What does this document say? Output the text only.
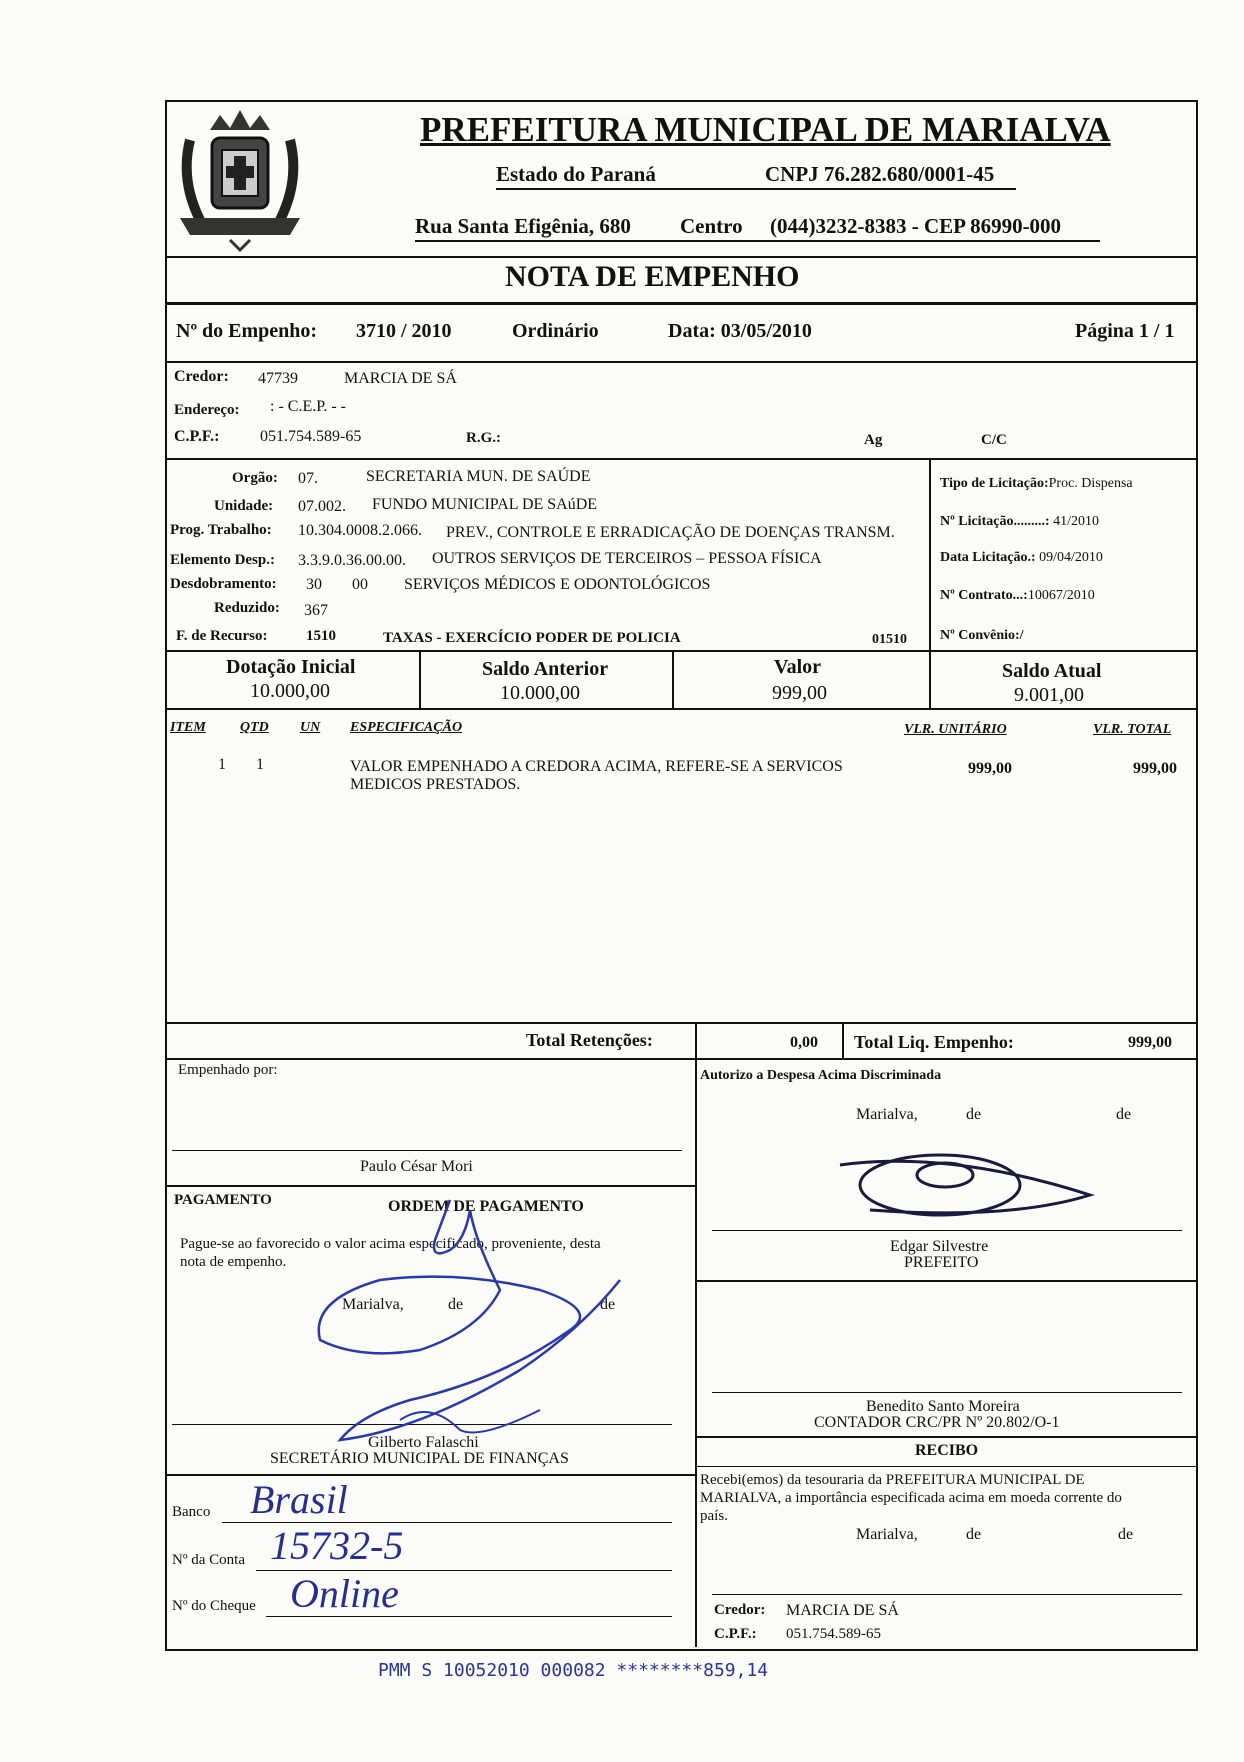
PREFEITURA MUNICIPAL DE MARIALVA
Estado do Paraná	CNPJ 76.282.680/0001-45
Rua Santa Efigênia, 680 Centro (044)3232-8383 - CEP 86990-000
NOTA DE EMPENHO
Nº do Empenho: 3710 / 2010	Ordinário	Data: 03/05/2010	Página 1 / 1
Credor: 47739	MARCIA DE SÁ
Endereço: : - C.E.P. - -
C.P.F.:	051.754.589-65	R.G.:	Ag	C/C
Orgão: 07.	SECRETARIA MUN. DE SAÚDE
Unidade: 07.002. FUNDO MUNICIPAL DE SAúDE
Prog. Trabalho: 10.304.0008.2.066. PREV., CONTROLE E ERRADICAÇÃO DE DOENÇAS TRANSM.
Elemento Desp.: 3.3.9.0.36.00.00. OUTROS SERVIÇOS DE TERCEIROS – PESSOA FÍSICA
Desdobramento: 30 00 SERVIÇOS MÉDICOS E ODONTOLÓGICOS
Reduzido: 367
F. de Recurso:	1510	TAXAS - EXERCÍCIO PODER DE POLICIA	01510
Tipo de Licitação:Proc. Dispensa
Nº Licitação.........: 41/2010
Data Licitação.: 09/04/2010
Nº Contrato...:10067/2010
Nº Convênio:/
Dotação Inicial
10.000,00
Saldo Anterior
10.000,00
Valor
999,00
Saldo Atual
9.001,00
ITEM QTD UN ESPECIFICAÇÃO	VLR. UNITÁRIO	VLR. TOTAL
1 1	VALOR EMPENHADO A CREDORA ACIMA, REFERE-SE A SERVICOS
MEDICOS PRESTADOS.
999,00	999,00
Total Retenções:	0,00 Total Liq. Empenho:	999,00
Empenhado por:
Paulo César Mori
PAGAMENTO	ORDEM DE PAGAMENTO
Pague-se ao favorecido o valor acima especificado, proveniente, desta
nota de empenho.
Marialva,	de	de
Gilberto Falaschi
SECRETÁRIO MUNICIPAL DE FINANÇAS
Banco Brasil
Nº da Conta 15732-5
Nº do Cheque Online
Autorizo a Despesa Acima Discriminada
Marialva,	de	de
Edgar Silvestre
PREFEITO
Benedito Santo Moreira
CONTADOR CRC/PR Nº 20.802/O-1
RECIBO
Recebi(emos) da tesouraria da PREFEITURA MUNICIPAL DE
MARIALVA, a importância especificada acima em moeda corrente do
país.
Marialva,	de	de
Credor: MARCIA DE SÁ
C.P.F.: 051.754.589-65
PMM S 10052010 000082 ********859,14
